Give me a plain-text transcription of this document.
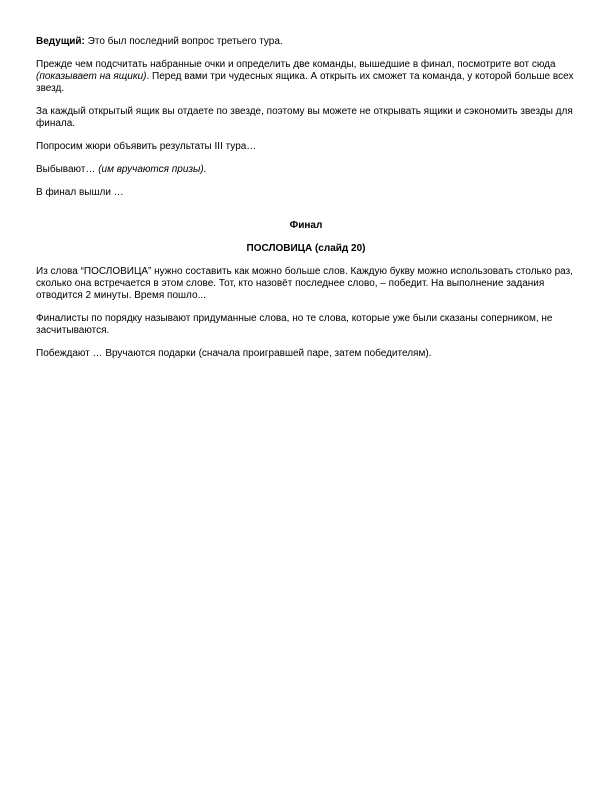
Ведущий: Это был последний вопрос третьего тура.

Прежде чем подсчитать набранные очки и определить две команды, вышедшие в финал, посмотрите вот сюда (показывает на ящики). Перед вами три чудесных ящика. А открыть их сможет та команда, у которой больше всех звезд.

За каждый открытый ящик вы отдаете по звезде, поэтому вы можете не открывать ящики и сэкономить звезды для финала.

Попросим жюри объявить результаты III тура…

Выбывают… (им вручаются призы).

В финал вышли …

Финал

ПОСЛОВИЦА (слайд 20)

Из слова “ПОСЛОВИЦА” нужно составить как можно больше слов. Каждую букву можно использовать столько раз, сколько она встречается в этом слове. Тот, кто назовёт последнее слово, – победит. На выполнение задания отводится 2 минуты. Время пошло...

Финалисты по порядку называют придуманные слова, но те слова, которые уже были сказаны соперником, не засчитываются.

Побеждают … Вручаются подарки (сначала проигравшей паре, затем победителям).
